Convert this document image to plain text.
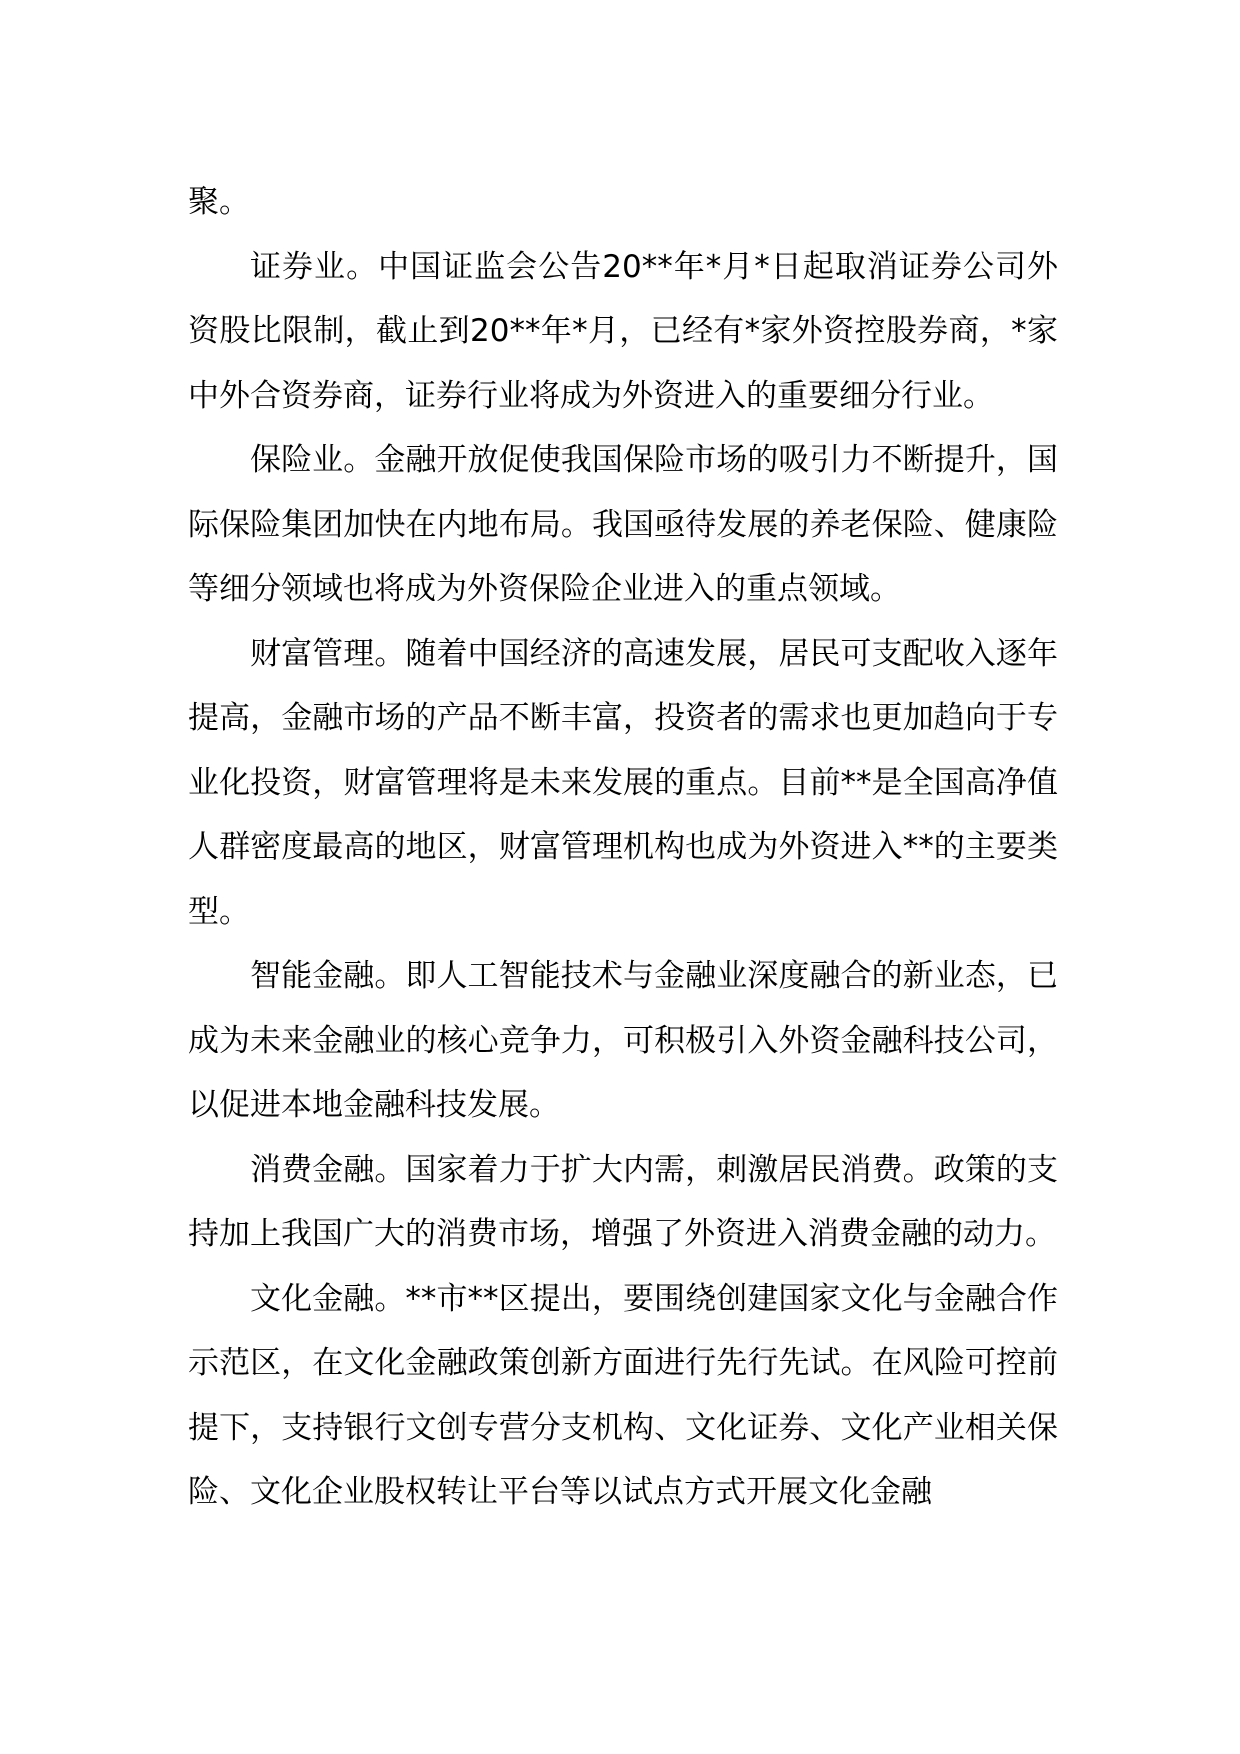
聚。

证券业。中国证监会公告20**年*月*日起取消证券公司外资股比限制，截止到20**年*月，已经有*家外资控股券商，*家中外合资券商，证券行业将成为外资进入的重要细分行业。

保险业。金融开放促使我国保险市场的吸引力不断提升，国际保险集团加快在内地布局。我国亟待发展的养老保险、健康险等细分领域也将成为外资保险企业进入的重点领域。

财富管理。随着中国经济的高速发展，居民可支配收入逐年提高，金融市场的产品不断丰富，投资者的需求也更加趋向于专业化投资，财富管理将是未来发展的重点。目前**是全国高净值人群密度最高的地区，财富管理机构也成为外资进入**的主要类型。

智能金融。即人工智能技术与金融业深度融合的新业态，已成为未来金融业的核心竞争力，可积极引入外资金融科技公司，以促进本地金融科技发展。

消费金融。国家着力于扩大内需，刺激居民消费。政策的支持加上我国广大的消费市场，增强了外资进入消费金融的动力。

文化金融。**市**区提出，要围绕创建国家文化与金融合作示范区，在文化金融政策创新方面进行先行先试。在风险可控前提下，支持银行文创专营分支机构、文化证券、文化产业相关保险、文化企业股权转让平台等以试点方式开展文化金融
